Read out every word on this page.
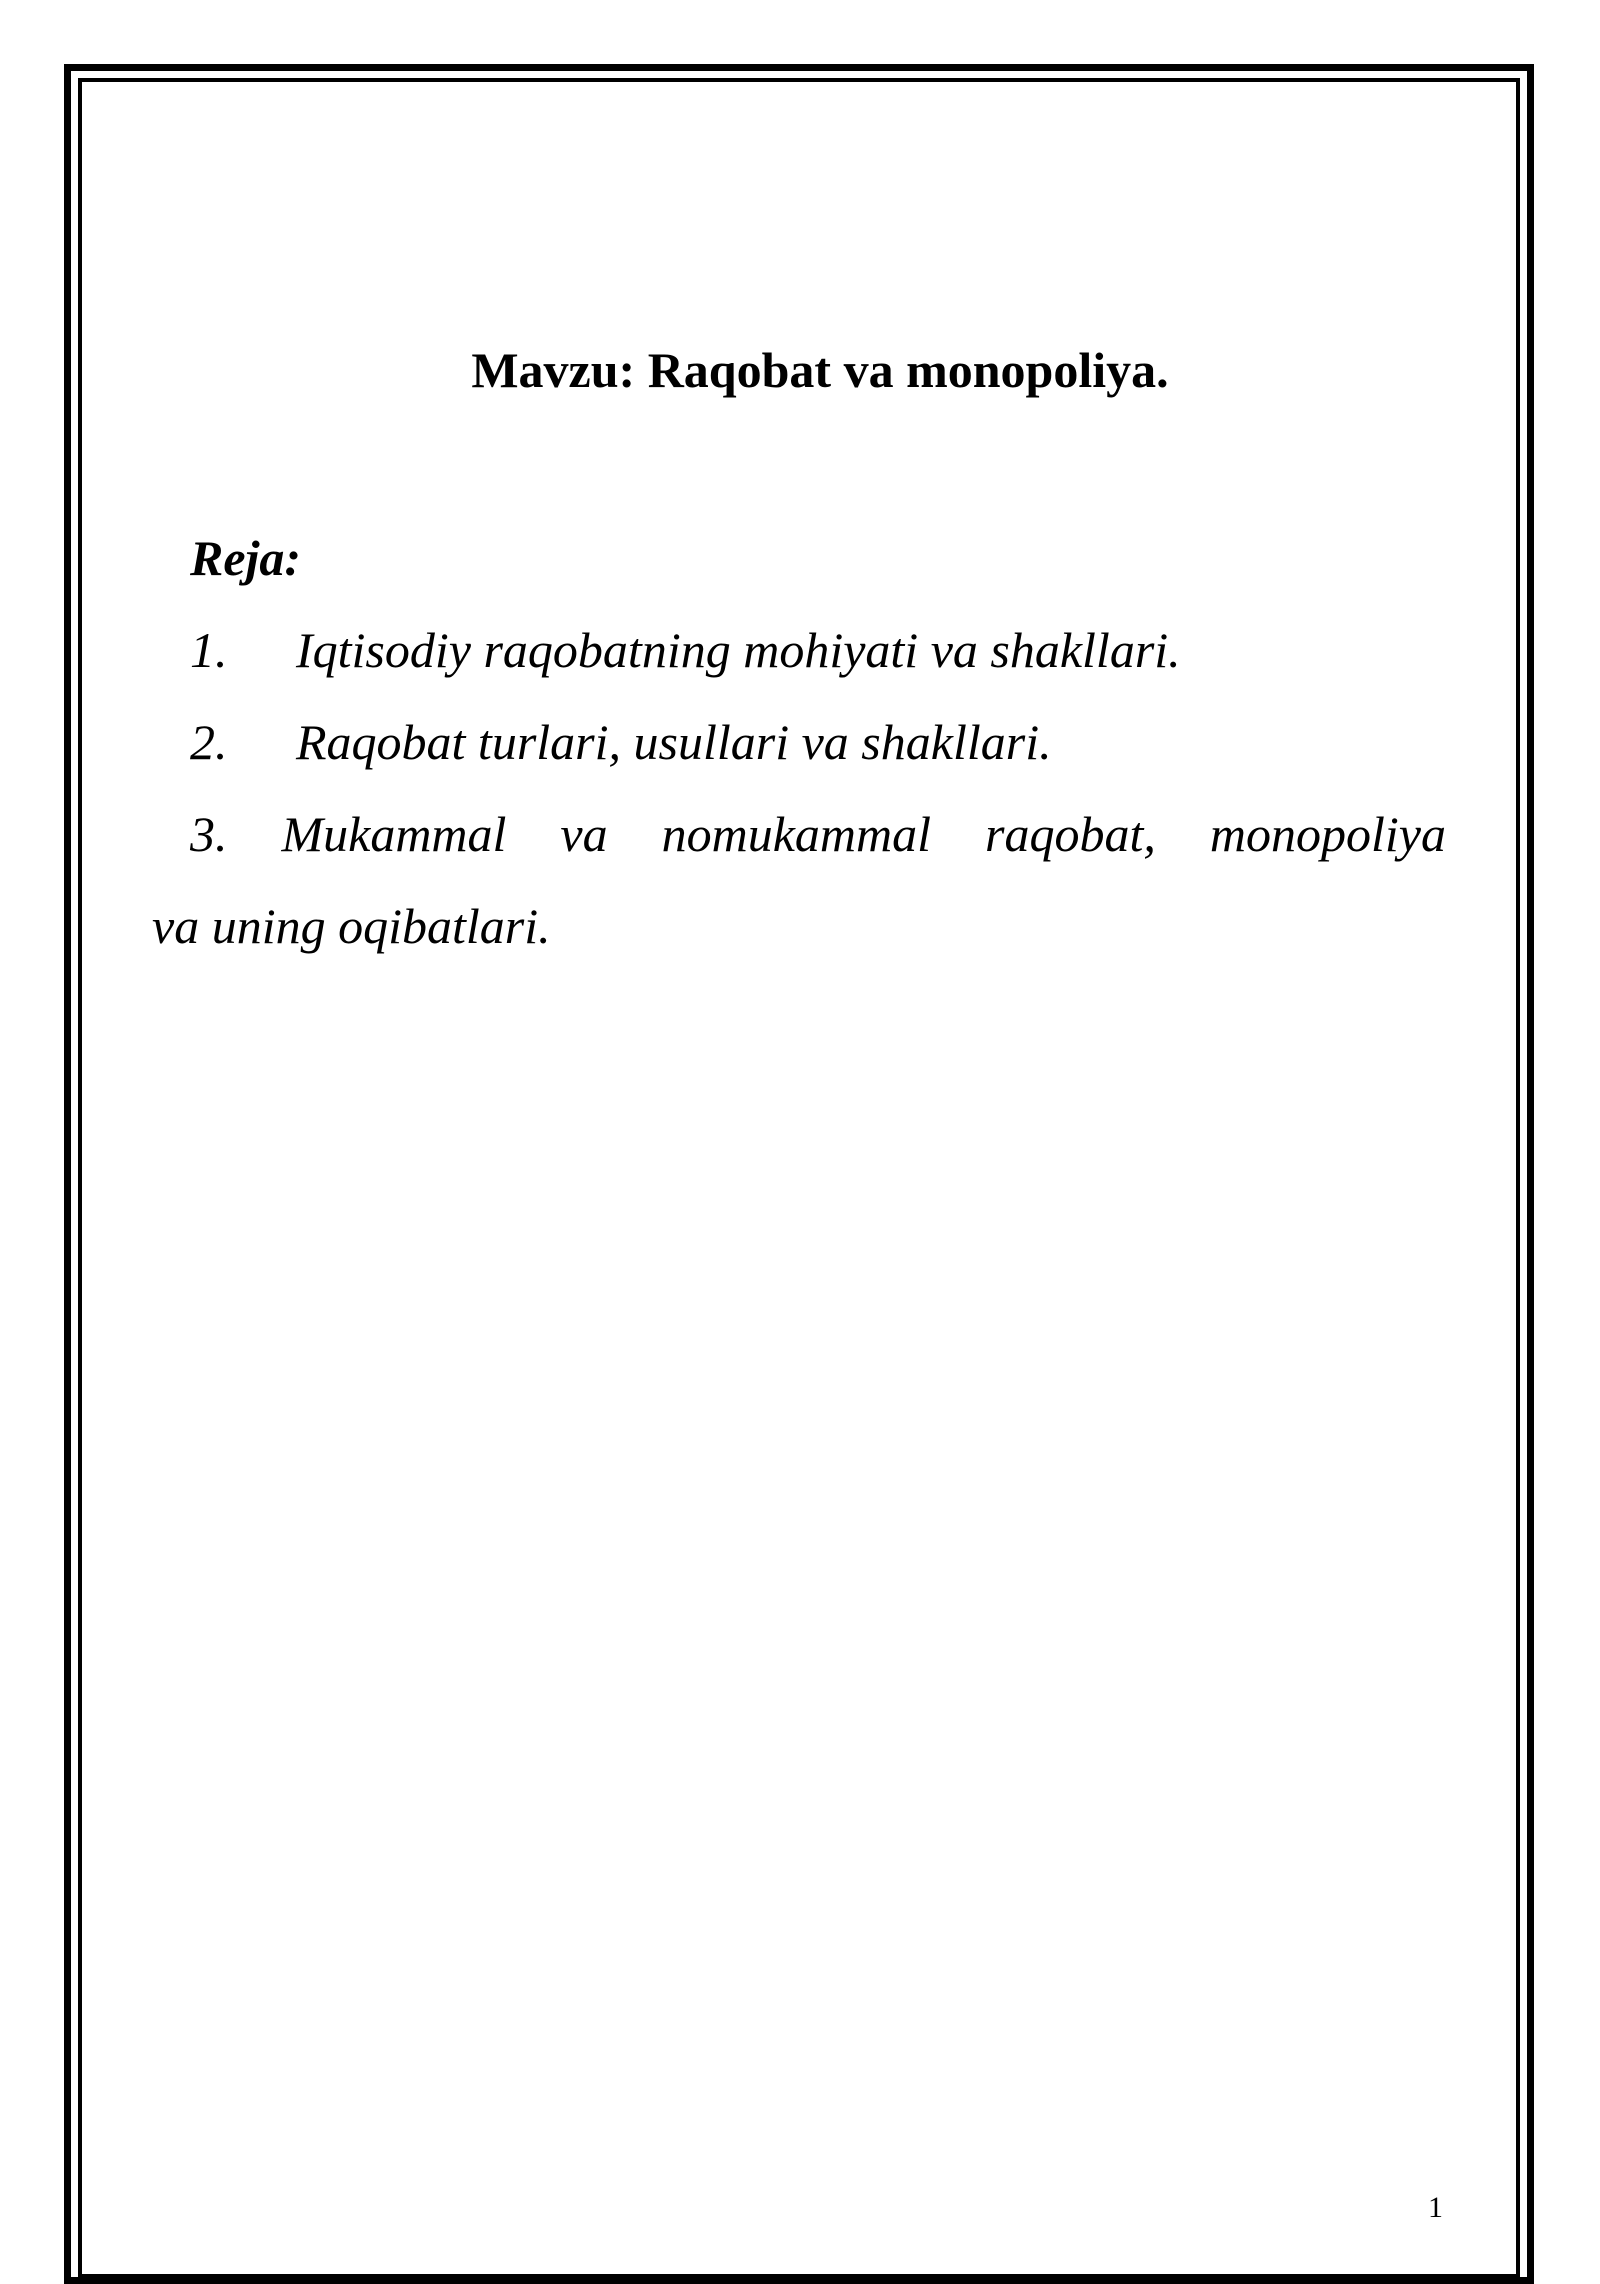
Mavzu: Raqobat va monopoliya.
Reja:
1. Iqtisodiy raqobatning mohiyati va shakllari.
2. Raqobat turlari, usullari va shakllari.
3. Mukammal va nomukammal raqobat, monopoliya
va uning oqibatlari.
1
